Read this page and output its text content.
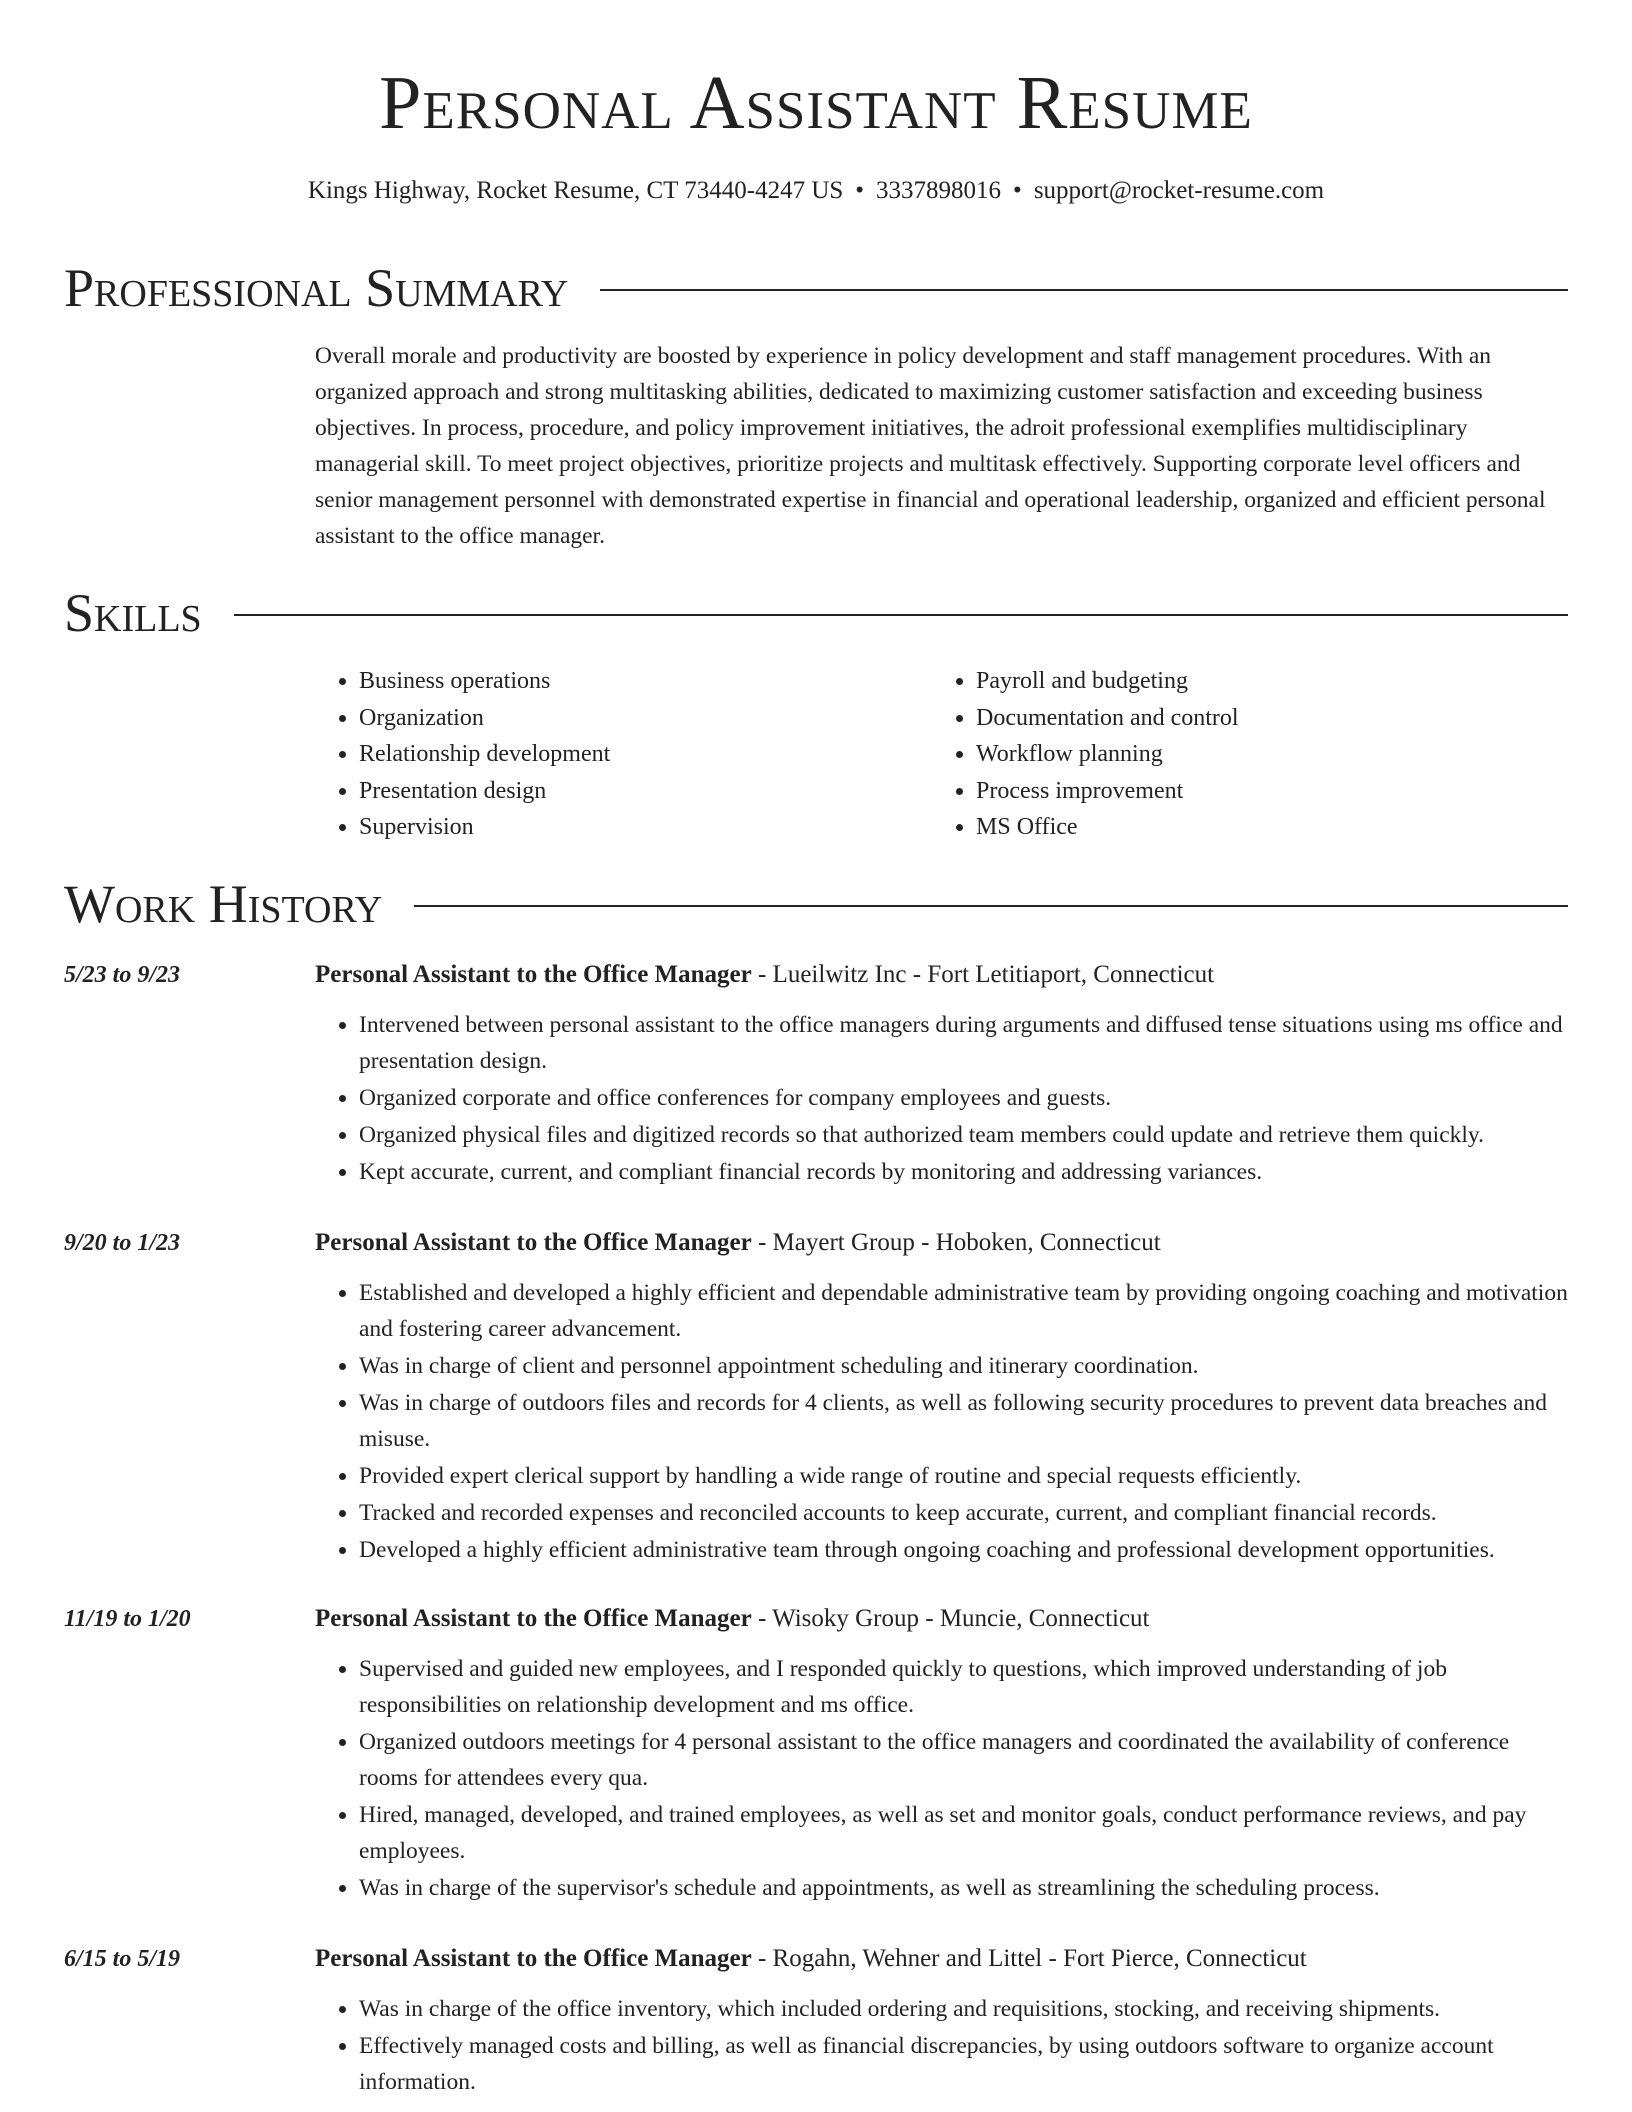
Personal Assistant Resume
Kings Highway, Rocket Resume, CT 73440-4247 US • 3337898016 • support@rocket-resume.com
Professional Summary

Overall morale and productivity are boosted by experience in policy development and staff management procedures. With an organized approach and strong multitasking abilities, dedicated to maximizing customer satisfaction and exceeding business objectives. In process, procedure, and policy improvement initiatives, the adroit professional exemplifies multidisciplinary managerial skill. To meet project objectives, prioritize projects and multitask effectively. Supporting corporate level officers and senior management personnel with demonstrated expertise in financial and operational leadership, organized and efficient personal assistant to the office manager.

Skills
• Business operations
• Organization
• Relationship development
• Presentation design
• Supervision
• Payroll and budgeting
• Documentation and control
• Workflow planning
• Process improvement
• MS Office
Work History
5/23 to 9/23	Personal Assistant to the Office Manager - Lueilwitz Inc - Fort Letitiaport, Connecticut
• Intervened between personal assistant to the office managers during arguments and diffused tense situations using ms office and presentation design.
• Organized corporate and office conferences for company employees and guests.
• Organized physical files and digitized records so that authorized team members could update and retrieve them quickly.
• Kept accurate, current, and compliant financial records by monitoring and addressing variances.
9/20 to 1/23	Personal Assistant to the Office Manager - Mayert Group - Hoboken, Connecticut
• Established and developed a highly efficient and dependable administrative team by providing ongoing coaching and motivation and fostering career advancement.
• Was in charge of client and personnel appointment scheduling and itinerary coordination.
• Was in charge of outdoors files and records for 4 clients, as well as following security procedures to prevent data breaches and misuse.
• Provided expert clerical support by handling a wide range of routine and special requests efficiently.
• Tracked and recorded expenses and reconciled accounts to keep accurate, current, and compliant financial records.
• Developed a highly efficient administrative team through ongoing coaching and professional development opportunities.
11/19 to 1/20	Personal Assistant to the Office Manager - Wisoky Group - Muncie, Connecticut
• Supervised and guided new employees, and I responded quickly to questions, which improved understanding of job responsibilities on relationship development and ms office.
• Organized outdoors meetings for 4 personal assistant to the office managers and coordinated the availability of conference rooms for attendees every qua.
• Hired, managed, developed, and trained employees, as well as set and monitor goals, conduct performance reviews, and pay employees.
• Was in charge of the supervisor's schedule and appointments, as well as streamlining the scheduling process.
6/15 to 5/19	Personal Assistant to the Office Manager - Rogahn, Wehner and Littel - Fort Pierce, Connecticut
• Was in charge of the office inventory, which included ordering and requisitions, stocking, and receiving shipments.
• Effectively managed costs and billing, as well as financial discrepancies, by using outdoors software to organize account information.
